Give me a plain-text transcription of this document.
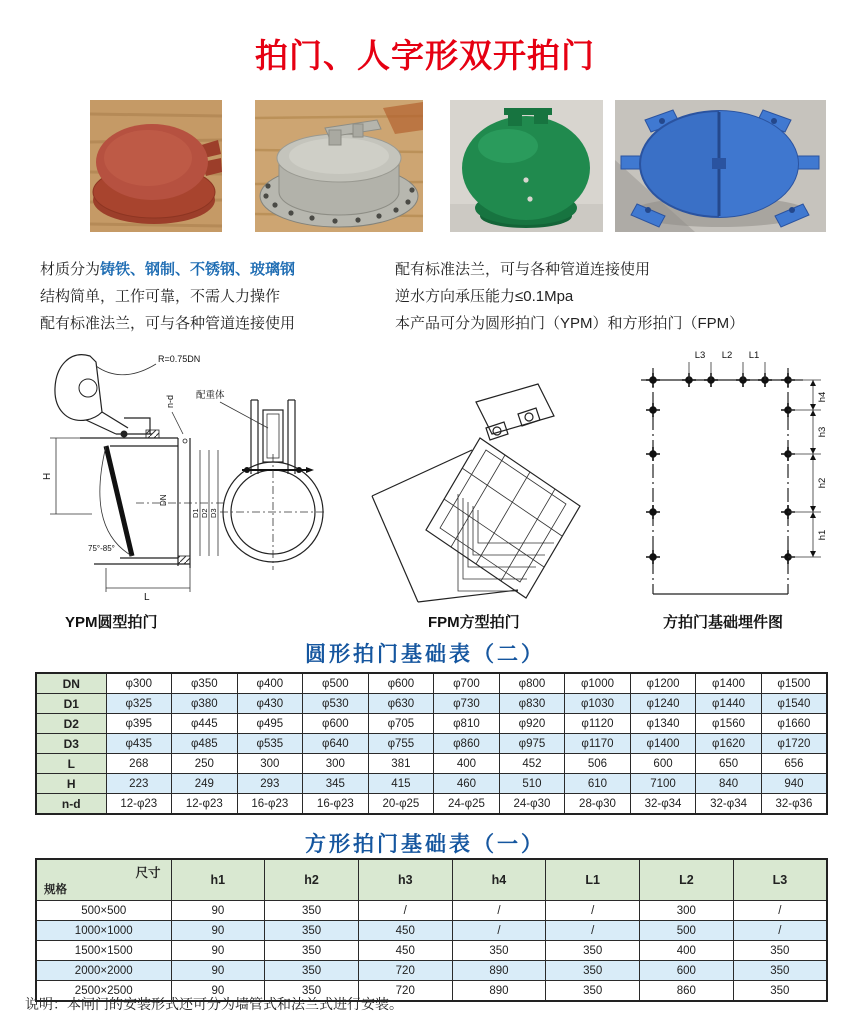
拍门、人字形双开拍门
材质分为铸铁、钢制、不锈钢、玻璃钢
结构简单，工作可靠，不需人力操作
配有标准法兰，可与各种管道连接使用
配有标准法兰，可与各种管道连接使用
逆水方向承压能力≤0.1Mpa
本产品可分为圆形拍门（YPM）和方形拍门（FPM）
R=0.75DN
n-d
H
DN
D1 D2 D3
75°-85°
L
配重体
L3 L2 L1
h4
h3
h2
h1
YPM圆型拍门	FPM方型拍门	方拍门基础埋件图
圆形拍门基础表（二）
DN	φ300	φ350	φ400	φ500	φ600	φ700	φ800	φ1000	φ1200	φ1400	φ1500
D1	φ325	φ380	φ430	φ530	φ630	φ730	φ830	φ1030	φ1240	φ1440	φ1540
D2	φ395	φ445	φ495	φ600	φ705	φ810	φ920	φ1120	φ1340	φ1560	φ1660
D3	φ435	φ485	φ535	φ640	φ755	φ860	φ975	φ1170	φ1400	φ1620	φ1720
L	268	250	300	300	381	400	452	506	600	650	656
H	223	249	293	345	415	460	510	610	7100	840	940
n-d	12-φ23	12-φ23	16-φ23	16-φ23	20-φ25	24-φ25	24-φ30	28-φ30	32-φ34	32-φ34	32-φ36
方形拍门基础表（一）
尺寸
规格	h1	h2	h3	h4	L1	L2	L3
500×500	90	350	/	/	/	300	/
1000×1000	90	350	450	/	/	500	/
1500×1500	90	350	450	350	350	400	350
2000×2000	90	350	720	890	350	600	350
2500×2500	90	350	720	890	350	860	350
说明：本闸门的安装形式还可分为墙管式和法兰式进行安装。
